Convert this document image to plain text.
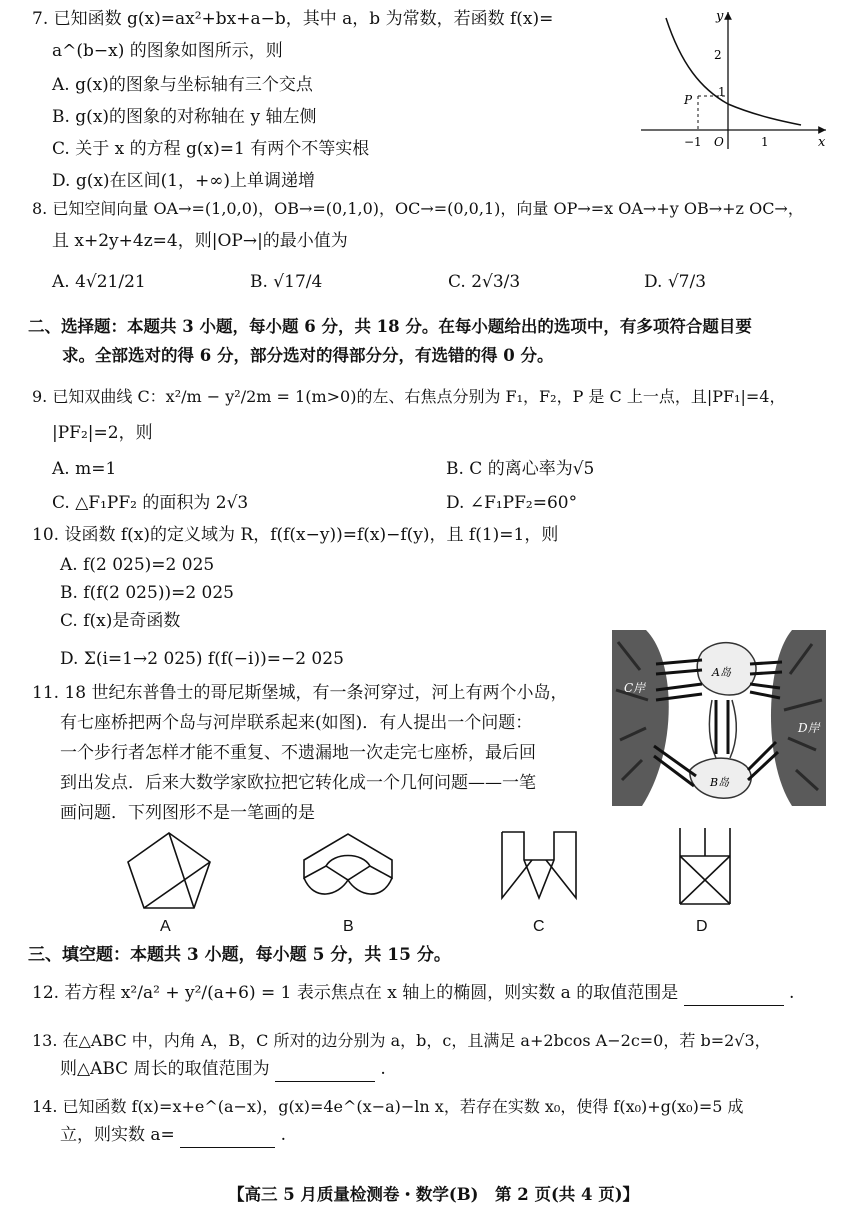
7. 已知函数 g(x)=ax²+bx+a−b，其中 a，b 为常数，若函数 f(x)=
a^(b−x) 的图象如图所示，则
A. g(x)的图象与坐标轴有三个交点
B. g(x)的图象的对称轴在 y 轴左侧
C. 关于 x 的方程 g(x)=1 有两个不等实根
D. g(x)在区间(1，+∞)上单调递增
y
x
O
P
2
1
−1	1
8. 已知空间向量 OA→=(1,0,0)，OB→=(0,1,0)，OC→=(0,0,1)，向量 OP→=x OA→+y OB→+z OC→，
且 x+2y+4z=4，则|OP→|的最小值为
A. 4√21/21	B. √17/4	C. 2√3/3	D. √7/3
二、选择题：本题共 3 小题，每小题 6 分，共 18 分。在每小题给出的选项中，有多项符合题目要
求。全部选对的得 6 分，部分选对的得部分分，有选错的得 0 分。
9. 已知双曲线 C：x²/m − y²/2m = 1(m>0)的左、右焦点分别为 F₁，F₂，P 是 C 上一点，且|PF₁|=4，
|PF₂|=2，则
A. m=1	B. C 的离心率为√5
C. △F₁PF₂ 的面积为 2√3	D. ∠F₁PF₂=60°
10. 设函数 f(x)的定义域为 R，f(f(x−y))=f(x)−f(y)，且 f(1)=1，则
A. f(2 025)=2 025
B. f(f(2 025))=2 025
C. f(x)是奇函数
D. Σ(i=1→2 025) f(f(−i))=−2 025
11. 18 世纪东普鲁士的哥尼斯堡城，有一条河穿过，河上有两个小岛，
有七座桥把两个岛与河岸联系起来(如图)．有人提出一个问题：
一个步行者怎样才能不重复、不遗漏地一次走完七座桥，最后回
到出发点．后来大数学家欧拉把它转化成一个几何问题——一笔
画问题．下列图形不是一笔画的是
C岸
D岸
A岛
B岛
A	B	C	D
三、填空题：本题共 3 小题，每小题 5 分，共 15 分。
12. 若方程 x²/a² + y²/(a+6) = 1 表示焦点在 x 轴上的椭圆，则实数 a 的取值范围是	.
13. 在△ABC 中，内角 A，B，C 所对的边分别为 a，b，c，且满足 a+2bcos A−2c=0，若 b=2√3，
则△ABC 周长的取值范围为	.
14. 已知函数 f(x)=x+e^(a−x)，g(x)=4e^(x−a)−ln x，若存在实数 x₀，使得 f(x₀)+g(x₀)=5 成
立，则实数 a=	.
【高三 5 月质量检测卷・数学(B)　第 2 页(共 4 页)】
